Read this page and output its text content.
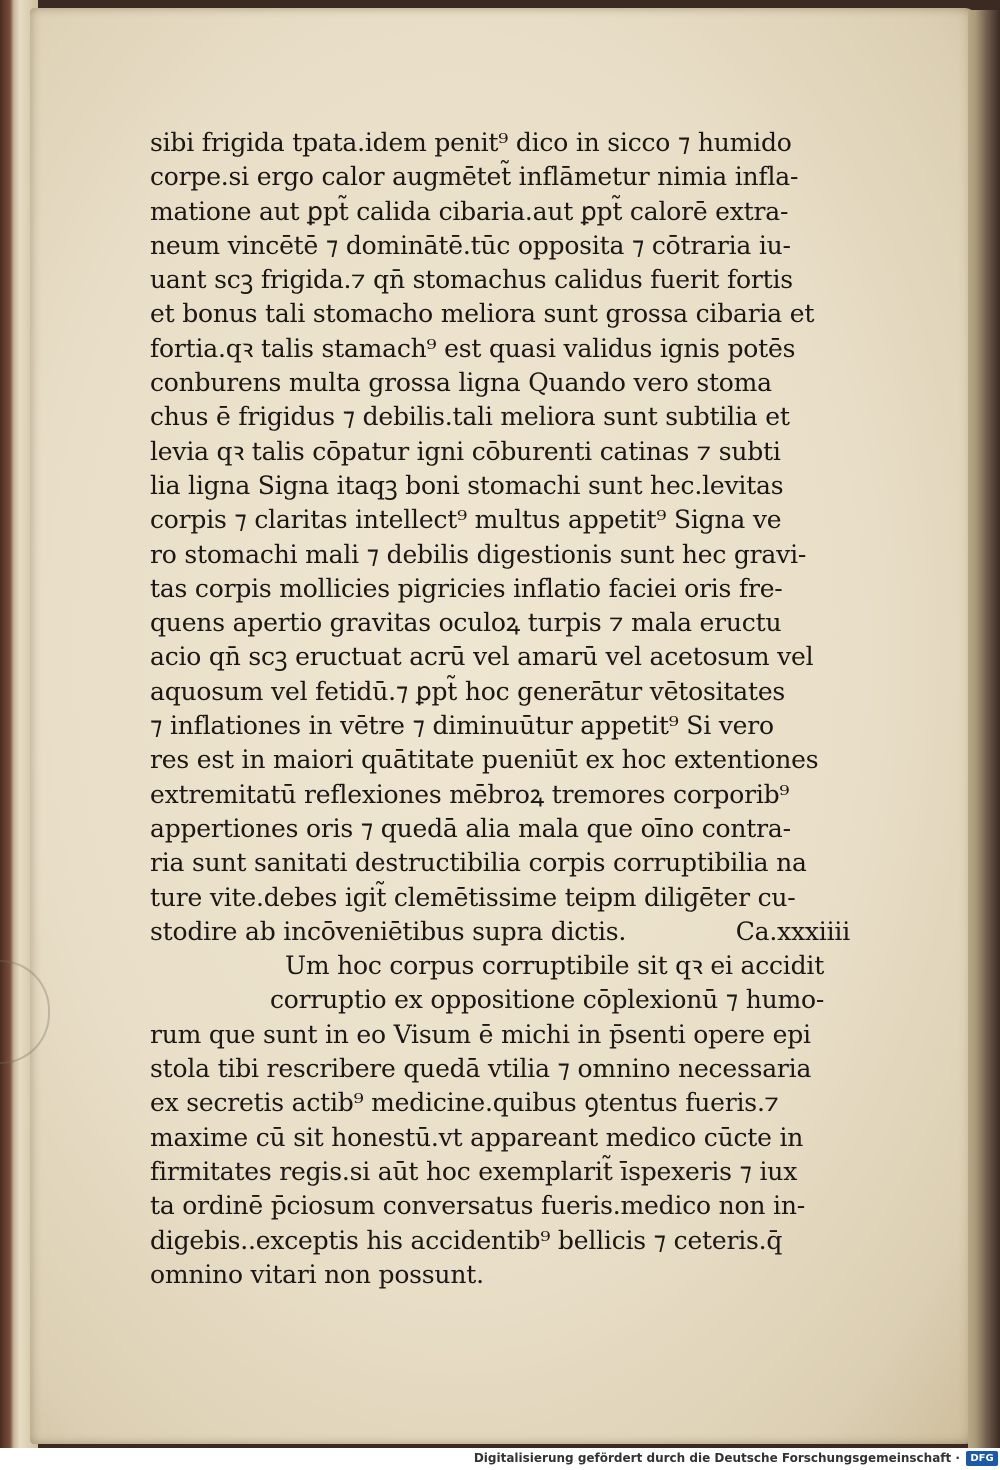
sibi frigida tpata.idem penit⁹ dico in sicco ⁊ humido
corpe.si ergo calor augmētet̃ inflāmetur nimia infla-
matione aut ꝑpt̃ calida cibaria.aut ꝑpt̃ calorē extra-
neum vincētē ⁊ dominātē.tūc opposita ⁊ cōtraria iu-
uant scꝫ frigida.⁊ qn̄ stomachus calidus fuerit fortis
et bonus tali stomacho meliora sunt grossa cibaria et
fortia.qꝛ talis stamach⁹ est quasi validus ignis potēs
conburens multa grossa ligna Quando vero stoma
chus ē frigidus ⁊ debilis.tali meliora sunt subtilia et
levia qꝛ talis cōpatur igni cōburenti catinas ⁊ subti
lia ligna Signa itaqꝫ boni stomachi sunt hec.levitas
corpis ⁊ claritas intellect⁹ multus appetit⁹ Signa ve
ro stomachi mali ⁊ debilis digestionis sunt hec gravi-
tas corpis mollicies pigricies inflatio faciei oris fre-
quens apertio gravitas oculoꝝ turpis ⁊ mala eructu
acio qn̄ scꝫ eructuat acrū vel amarū vel acetosum vel
aquosum vel fetidū.⁊ ꝑpt̃ hoc generātur vētositates
⁊ inflationes in vētre ⁊ diminuūtur appetit⁹ Si vero
res est in maiori quātitate pueniūt ex hoc extentiones
extremitatū reflexiones mēbroꝝ tremores corporib⁹
appertiones oris ⁊ quedā alia mala que oīno contra-
ria sunt sanitati destructibilia corpis corruptibilia na
ture vite.debes igit̃ clemētissime teipm diligēter cu-
stodire ab incōveniētibus supra dictis.	Ca.xxxiiii
Um hoc corpus corruptibile sit qꝛ ei accidit
corruptio ex oppositione cōplexionū ⁊ humo-
rum que sunt in eo Visum ē michi in p̄senti opere epi
stola tibi rescribere quedā vtilia ⁊ omnino necessaria
ex secretis actib⁹ medicine.quibus ꝯtentus fueris.⁊
maxime cū sit honestū.vt appareant medico cūcte in
firmitates regis.si aūt hoc exemplarit̃ īspexeris ⁊ iux
ta ordinē p̄ciosum conversatus fueris.medico non in-
digebis..exceptis his accidentib⁹ bellicis ⁊ ceteris.q̄
omnino vitari non possunt.
Digitalisierung gefördert durch die Deutsche Forschungsgemeinschaft ·	DFG
